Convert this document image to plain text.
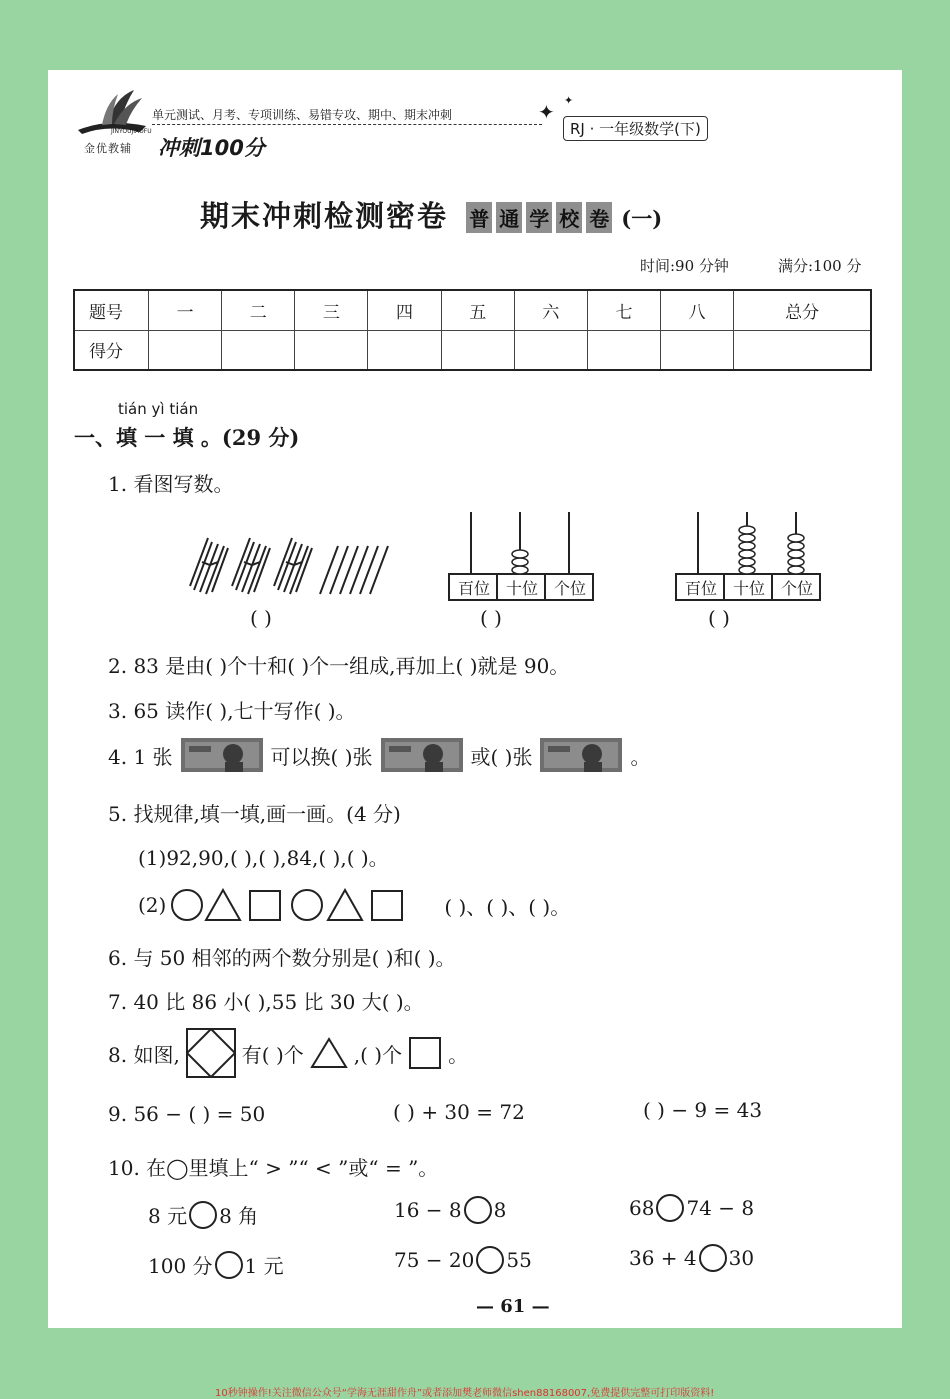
金优教辅
JINYOUJIAOFU
单元测试、月考、专项训练、易错专攻、期中、期末冲刺
冲刺100分
✦ ✦
RJ · 一年级数学(下)
期末冲刺检测密卷 普 通 学 校 卷 (一)
时间:90 分钟	满分:100 分
题号	一	二	三	四	五	六	七	八	总分
得分									
tián yì tián
一、填 一 填 。(29 分)
1. 看图写数。
( )
百位 十位 个位
( )
百位 十位 个位
( )
2. 83 是由( )个十和( )个一组成,再加上( )就是 90。
3. 65 读作( ),七十写作( )。
4. 1 张	可以换( )张	或( )张	。
5. 找规律,填一填,画一画。(4 分)
(1)92,90,( ),( ),84,( ),( )。
(2)	( )、( )、( )。
6. 与 50 相邻的两个数分别是( )和( )。
7. 40 比 86 小( ),55 比 30 大( )。
8. 如图,	有( )个	,( )个 。
9. 56 − ( ) = 50	( ) + 30 = 72	( ) − 9 = 43
10. 在◯里填上“ > ”“ < ”或“ = ”。
8 元 8 角	16 − 8 8	68 74 − 8
100 分 1 元	75 − 20 55	36 + 4 30
— 61 —
10秒钟操作!关注微信公众号“学海无涯甜作舟”或者添加樊老师微信shen88168007,免费提供完整可打印版资料!
